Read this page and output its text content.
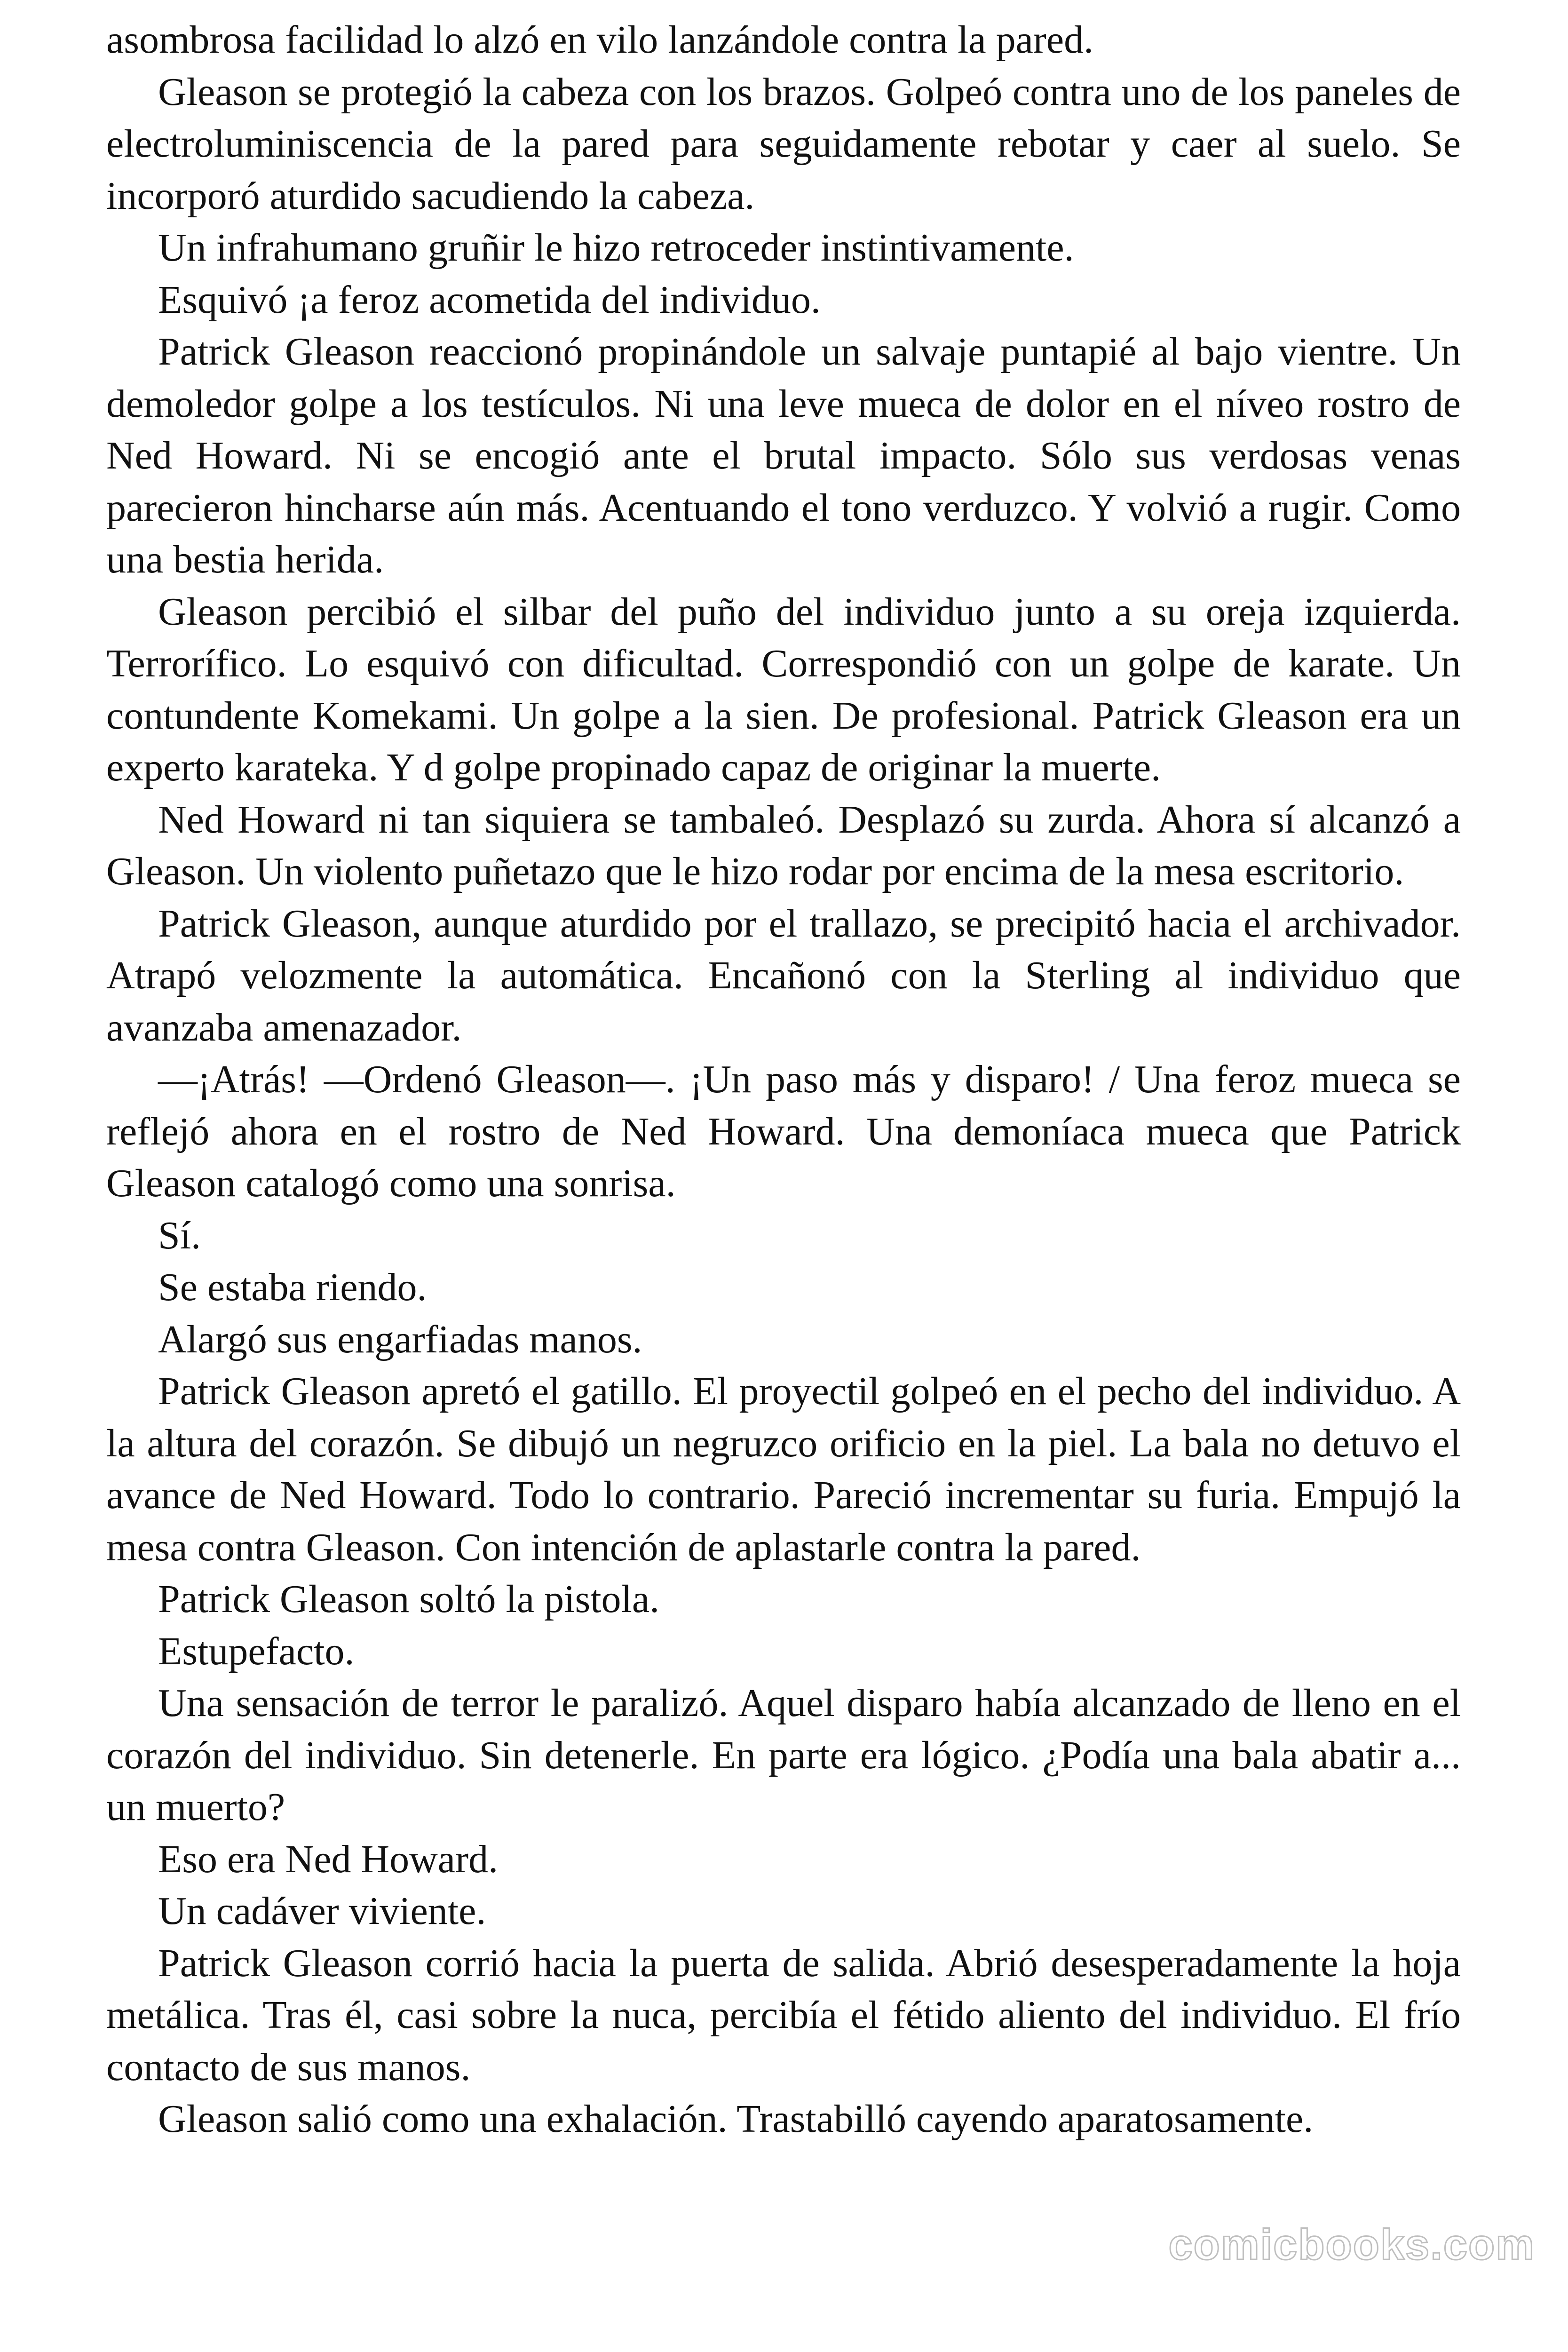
asombrosa facilidad lo alzó en vilo lanzándole contra la pared.

Gleason se protegió la cabeza con los brazos. Golpeó contra uno de los paneles de electroluminiscencia de la pared para seguidamente rebotar y caer al suelo. Se incorporó aturdido sacudiendo la cabeza.

Un infrahumano gruñir le hizo retroceder instintivamente.

Esquivó ¡a feroz acometida del individuo.

Patrick Gleason reaccionó propinándole un salvaje puntapié al bajo vientre. Un demoledor golpe a los testículos. Ni una leve mueca de dolor en el níveo rostro de Ned Howard. Ni se encogió ante el brutal impacto. Sólo sus verdosas venas parecieron hincharse aún más. Acentuando el tono verduzco. Y volvió a rugir. Como una bestia herida.

Gleason percibió el silbar del puño del individuo junto a su oreja izquierda. Terrorífico. Lo esquivó con dificultad. Correspondió con un golpe de karate. Un contundente Komekami. Un golpe a la sien. De profesional. Patrick Gleason era un experto karateka. Y d golpe propinado capaz de originar la muerte.

Ned Howard ni tan siquiera se tambaleó. Desplazó su zurda. Ahora sí alcanzó a Gleason. Un violento puñetazo que le hizo rodar por encima de la mesa escritorio.

Patrick Gleason, aunque aturdido por el trallazo, se precipitó hacia el archivador. Atrapó velozmente la automática. Encañonó con la Sterling al individuo que avanzaba amenazador.

—¡Atrás! —Ordenó Gleason—. ¡Un paso más y disparo! / Una feroz mueca se reflejó ahora en el rostro de Ned Howard. Una demoníaca mueca que Patrick Gleason catalogó como una sonrisa.

Sí.

Se estaba riendo.

Alargó sus engarfiadas manos.

Patrick Gleason apretó el gatillo. El proyectil golpeó en el pecho del individuo. A la altura del corazón. Se dibujó un negruzco orificio en la piel. La bala no detuvo el avance de Ned Howard. Todo lo contrario. Pareció incrementar su furia. Empujó la mesa contra Gleason. Con intención de aplastarle contra la pared.

Patrick Gleason soltó la pistola.

Estupefacto.

Una sensación de terror le paralizó. Aquel disparo había alcanzado de lleno en el corazón del individuo. Sin detenerle. En parte era lógico. ¿Podía una bala abatir a... un muerto?

Eso era Ned Howard.

Un cadáver viviente.

Patrick Gleason corrió hacia la puerta de salida. Abrió desesperadamente la hoja metálica. Tras él, casi sobre la nuca, percibía el fétido aliento del individuo. El frío contacto de sus manos.

Gleason salió como una exhalación. Trastabilló cayendo aparatosamente.

comicbooks.com
